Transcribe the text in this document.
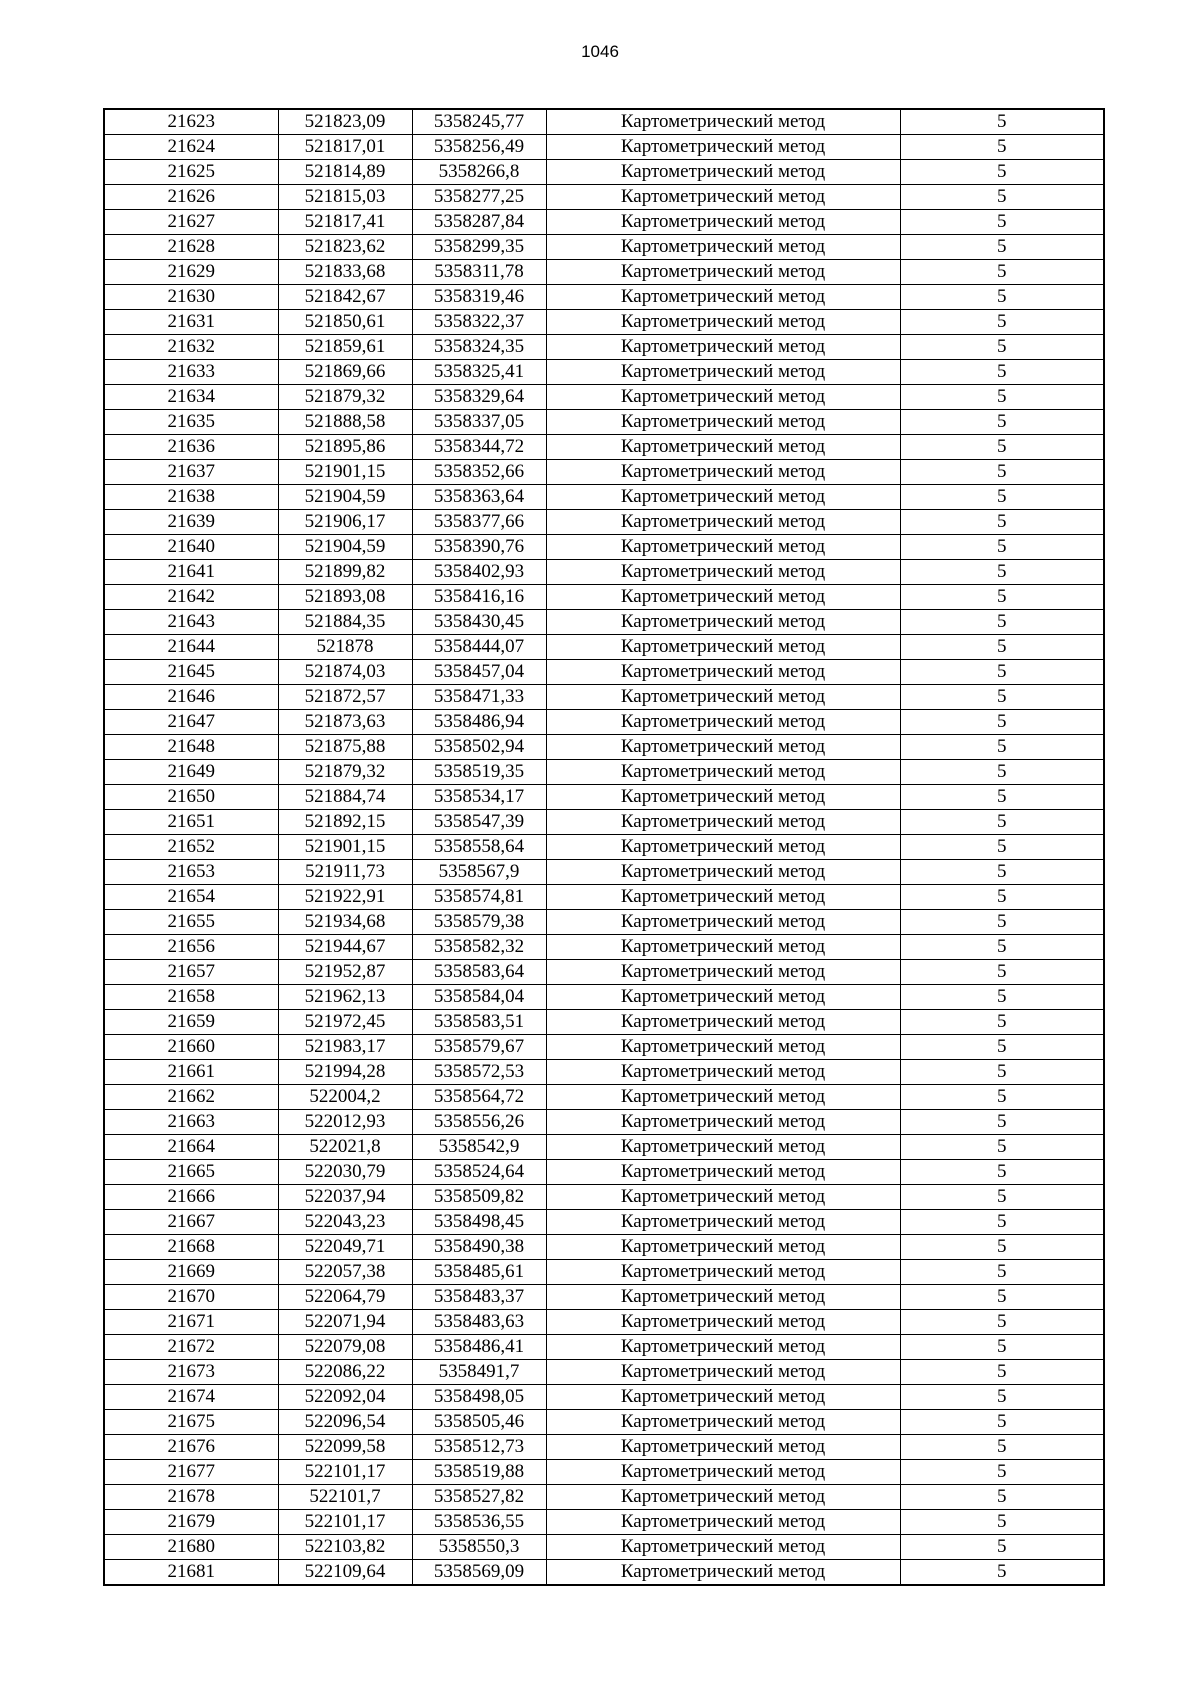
1046
21623	521823,09	5358245,77	Картометрический метод	5
21624	521817,01	5358256,49	Картометрический метод	5
21625	521814,89	5358266,8	Картометрический метод	5
21626	521815,03	5358277,25	Картометрический метод	5
21627	521817,41	5358287,84	Картометрический метод	5
21628	521823,62	5358299,35	Картометрический метод	5
21629	521833,68	5358311,78	Картометрический метод	5
21630	521842,67	5358319,46	Картометрический метод	5
21631	521850,61	5358322,37	Картометрический метод	5
21632	521859,61	5358324,35	Картометрический метод	5
21633	521869,66	5358325,41	Картометрический метод	5
21634	521879,32	5358329,64	Картометрический метод	5
21635	521888,58	5358337,05	Картометрический метод	5
21636	521895,86	5358344,72	Картометрический метод	5
21637	521901,15	5358352,66	Картометрический метод	5
21638	521904,59	5358363,64	Картометрический метод	5
21639	521906,17	5358377,66	Картометрический метод	5
21640	521904,59	5358390,76	Картометрический метод	5
21641	521899,82	5358402,93	Картометрический метод	5
21642	521893,08	5358416,16	Картометрический метод	5
21643	521884,35	5358430,45	Картометрический метод	5
21644	521878	5358444,07	Картометрический метод	5
21645	521874,03	5358457,04	Картометрический метод	5
21646	521872,57	5358471,33	Картометрический метод	5
21647	521873,63	5358486,94	Картометрический метод	5
21648	521875,88	5358502,94	Картометрический метод	5
21649	521879,32	5358519,35	Картометрический метод	5
21650	521884,74	5358534,17	Картометрический метод	5
21651	521892,15	5358547,39	Картометрический метод	5
21652	521901,15	5358558,64	Картометрический метод	5
21653	521911,73	5358567,9	Картометрический метод	5
21654	521922,91	5358574,81	Картометрический метод	5
21655	521934,68	5358579,38	Картометрический метод	5
21656	521944,67	5358582,32	Картометрический метод	5
21657	521952,87	5358583,64	Картометрический метод	5
21658	521962,13	5358584,04	Картометрический метод	5
21659	521972,45	5358583,51	Картометрический метод	5
21660	521983,17	5358579,67	Картометрический метод	5
21661	521994,28	5358572,53	Картометрический метод	5
21662	522004,2	5358564,72	Картометрический метод	5
21663	522012,93	5358556,26	Картометрический метод	5
21664	522021,8	5358542,9	Картометрический метод	5
21665	522030,79	5358524,64	Картометрический метод	5
21666	522037,94	5358509,82	Картометрический метод	5
21667	522043,23	5358498,45	Картометрический метод	5
21668	522049,71	5358490,38	Картометрический метод	5
21669	522057,38	5358485,61	Картометрический метод	5
21670	522064,79	5358483,37	Картометрический метод	5
21671	522071,94	5358483,63	Картометрический метод	5
21672	522079,08	5358486,41	Картометрический метод	5
21673	522086,22	5358491,7	Картометрический метод	5
21674	522092,04	5358498,05	Картометрический метод	5
21675	522096,54	5358505,46	Картометрический метод	5
21676	522099,58	5358512,73	Картометрический метод	5
21677	522101,17	5358519,88	Картометрический метод	5
21678	522101,7	5358527,82	Картометрический метод	5
21679	522101,17	5358536,55	Картометрический метод	5
21680	522103,82	5358550,3	Картометрический метод	5
21681	522109,64	5358569,09	Картометрический метод	5
